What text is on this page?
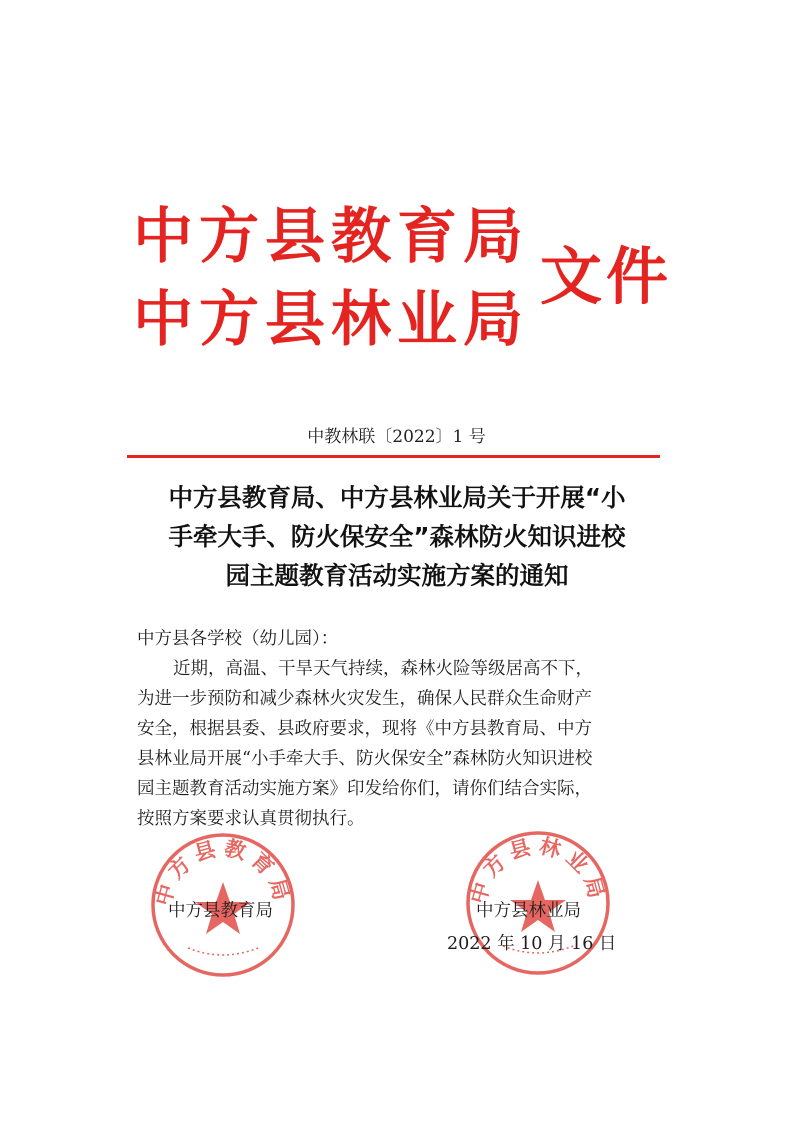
中方县教育局
中方县林业局
文件
中教林联〔2022〕1 号
中方县教育局、中方县林业局关于开展“小
手牵大手、防火保安全”森林防火知识进校
园主题教育活动实施方案的通知
中方县各学校（幼儿园）：
近期，高温、干旱天气持续，森林火险等级居高不下，
为进一步预防和减少森林火灾发生，确保人民群众生命财产
安全，根据县委、县政府要求，现将《中方县教育局、中方
县林业局开展“小手牵大手、防火保安全”森林防火知识进校
园主题教育活动实施方案》印发给你们，请你们结合实际，
按照方案要求认真贯彻执行。
中方县教育局	中方县林业局
中方县教育局	中方县林业局
2022 年 10 月 16 日
